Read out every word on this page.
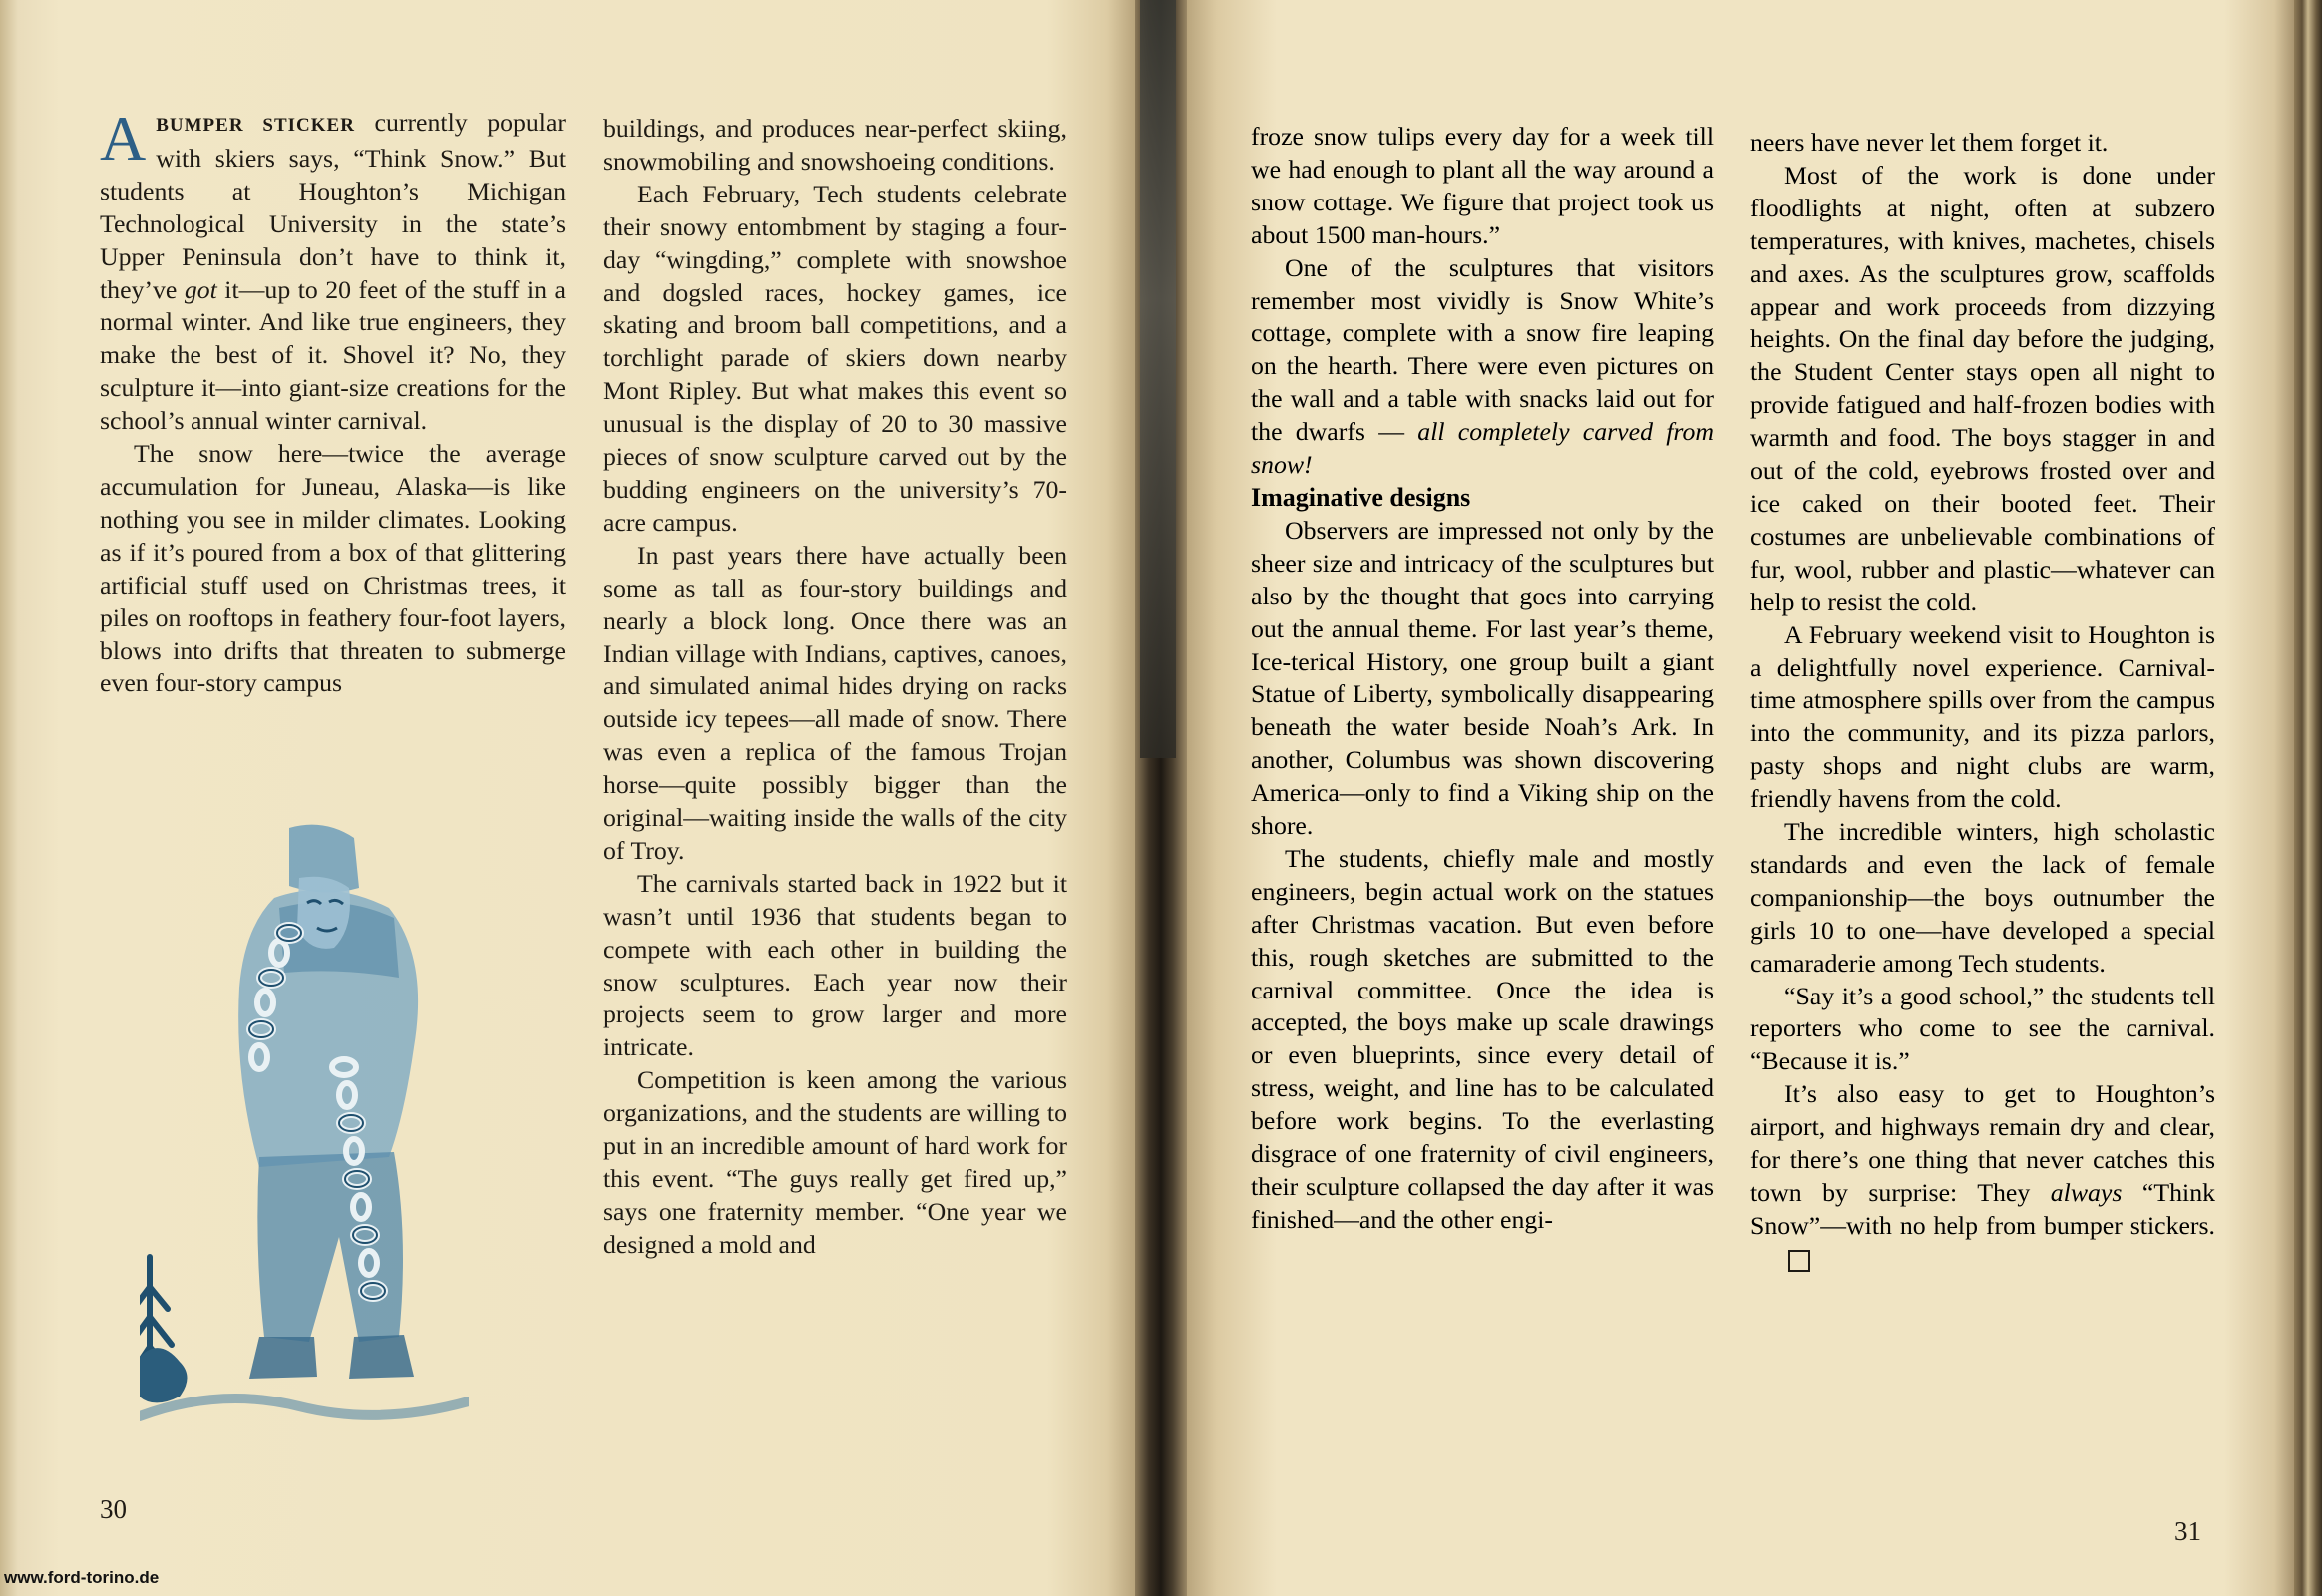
ABUMPER STICKER currently popular with skiers says, “Think Snow.” But students at Houghton’s Michigan Technological University in the state’s Upper Peninsula don’t have to think it, they’ve got it—up to 20 feet of the stuff in a normal winter. And like true engineers, they make the best of it. Shovel it? No, they sculpture it—into giant-size creations for the school’s annual winter carnival.

The snow here—twice the average accumulation for Juneau, Alaska—is like nothing you see in milder climates. Looking as if it’s poured from a box of that glittering artificial stuff used on Christmas trees, it piles on rooftops in feathery four-foot layers, blows into drifts that threaten to submerge even four-story campus

buildings, and produces near-perfect skiing, snowmobiling and snowshoeing conditions.

Each February, Tech students celebrate their snowy entombment by staging a four-day “wingding,” complete with snowshoe and dogsled races, hockey games, ice skating and broom ball competitions, and a torchlight parade of skiers down nearby Mont Ripley. But what makes this event so unusual is the display of 20 to 30 massive pieces of snow sculpture carved out by the budding engineers on the university’s 70-acre campus.

In past years there have actually been some as tall as four-story buildings and nearly a block long. Once there was an Indian village with Indians, captives, canoes, and simulated animal hides drying on racks outside icy tepees—all made of snow. There was even a replica of the famous Trojan horse—quite possibly bigger than the original—waiting inside the walls of the city of Troy.

The carnivals started back in 1922 but it wasn’t until 1936 that students began to compete with each other in building the snow sculptures. Each year now their projects seem to grow larger and more intricate.

Competition is keen among the various organizations, and the students are willing to put in an incredible amount of hard work for this event. “The guys really get fired up,” says one fraternity member. “One year we designed a mold and

30

froze snow tulips every day for a week till we had enough to plant all the way around a snow cottage. We figure that project took us about 1500 man-hours.”

One of the sculptures that visitors remember most vividly is Snow White’s cottage, complete with a snow fire leaping on the hearth. There were even pictures on the wall and a table with snacks laid out for the dwarfs — all completely carved from snow!

Imaginative designs

Observers are impressed not only by the sheer size and intricacy of the sculptures but also by the thought that goes into carrying out the annual theme. For last year’s theme, Ice-terical History, one group built a giant Statue of Liberty, symbolically disappearing beneath the water beside Noah’s Ark. In another, Columbus was shown discovering America—only to find a Viking ship on the shore.

The students, chiefly male and mostly engineers, begin actual work on the statues after Christmas vacation. But even before this, rough sketches are submitted to the carnival committee. Once the idea is accepted, the boys make up scale drawings or even blueprints, since every detail of stress, weight, and line has to be calculated before work begins. To the everlasting disgrace of one fraternity of civil engineers, their sculpture collapsed the day after it was finished—and the other engi-

neers have never let them forget it.

Most of the work is done under floodlights at night, often at subzero temperatures, with knives, machetes, chisels and axes. As the sculptures grow, scaffolds appear and work proceeds from dizzying heights. On the final day before the judging, the Student Center stays open all night to provide fatigued and half-frozen bodies with warmth and food. The boys stagger in and out of the cold, eyebrows frosted over and ice caked on their booted feet. Their costumes are unbelievable combinations of fur, wool, rubber and plastic—whatever can help to resist the cold.

A February weekend visit to Houghton is a delightfully novel experience. Carnival-time atmosphere spills over from the campus into the community, and its pizza parlors, pasty shops and night clubs are warm, friendly havens from the cold.

The incredible winters, high scholastic standards and even the lack of female companionship—the boys outnumber the girls 10 to one—have developed a special camaraderie among Tech students.

“Say it’s a good school,” the students tell reporters who come to see the carnival. “Because it is.”

It’s also easy to get to Houghton’s airport, and highways remain dry and clear, for there’s one thing that never catches this town by surprise: They always “Think Snow”—with no help from bumper stickers.

31
www.ford-torino.de
